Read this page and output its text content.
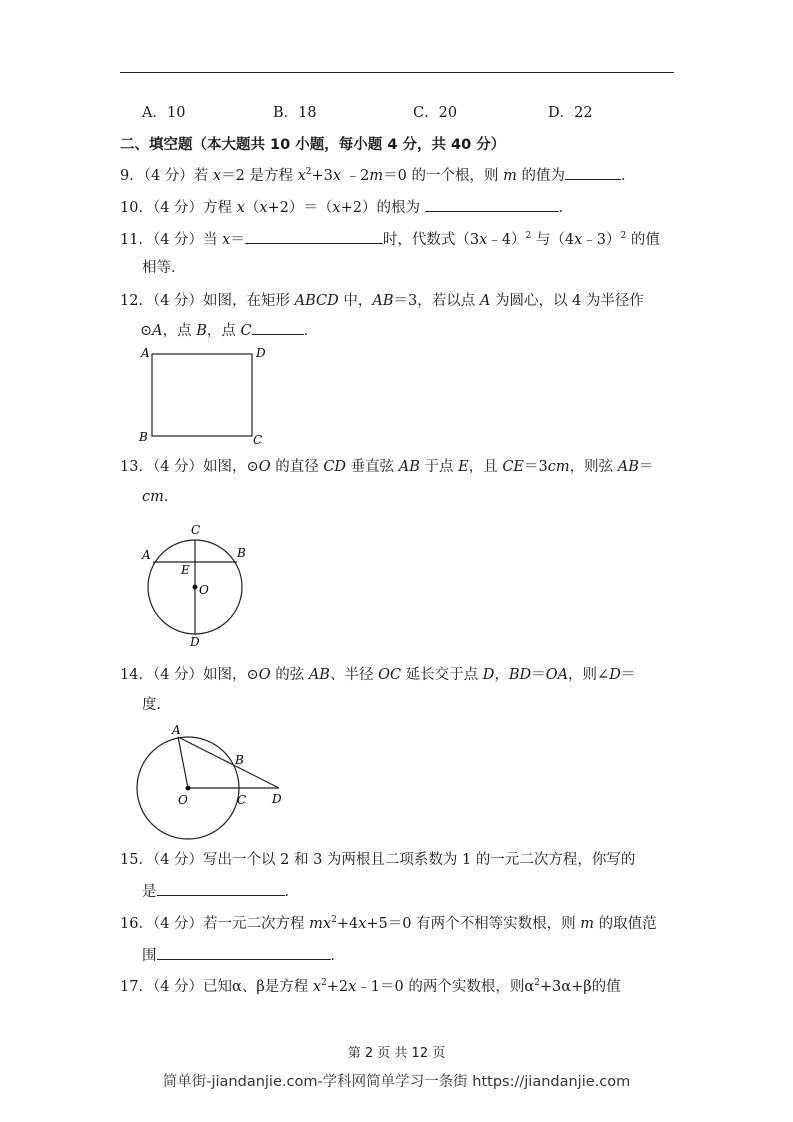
A．10	B．18	C．20	D．22
二、填空题（本大题共 10 小题，每小题 4 分，共 40 分）
9．（4 分）若 x＝2 是方程 $x^2+3x$ ﹣2m＝0 的一个根，则 m 的值为	．
10．（4 分）方程 x（x+2）＝（x+2）的根为	．
11．（4 分）当 x＝	时，代数式（3x﹣4）$^2$ 与（4x﹣3）$^2$ 的值
相等．
12．（4 分）如图，在矩形 ABCD 中，AB＝3，若以点 A 为圆心，以 4 为半径作
⊙A，点 B，点 C	．
A	D
B	C
13．（4 分）如图，⊙O 的直径 CD 垂直弦 AB 于点 E，且 CE＝3cm，则弦 AB＝
cm．
C
A	B
E
O
D
14．（4 分）如图，⊙O 的弦 AB、半径 OC 延长交于点 D，BD＝OA，则∠D＝
度．
A
B
C D
O
15．（4 分）写出一个以 2 和 3 为两根且二项系数为 1 的一元二次方程，你写的
是	．
16．（4 分）若一元二次方程 $mx^2+4x+5=0$ 有两个不相等实数根，则 m 的取值范
围	．
17．（4 分）已知α、β是方程 $x^2+2x﹣1=0$ 的两个实数根，则$\alpha^2+3\alpha+\beta$的值
第 2 页 共 12 页
简单街-jiandanjie.com-学科网简单学习一条街 https://jiandanjie.com
